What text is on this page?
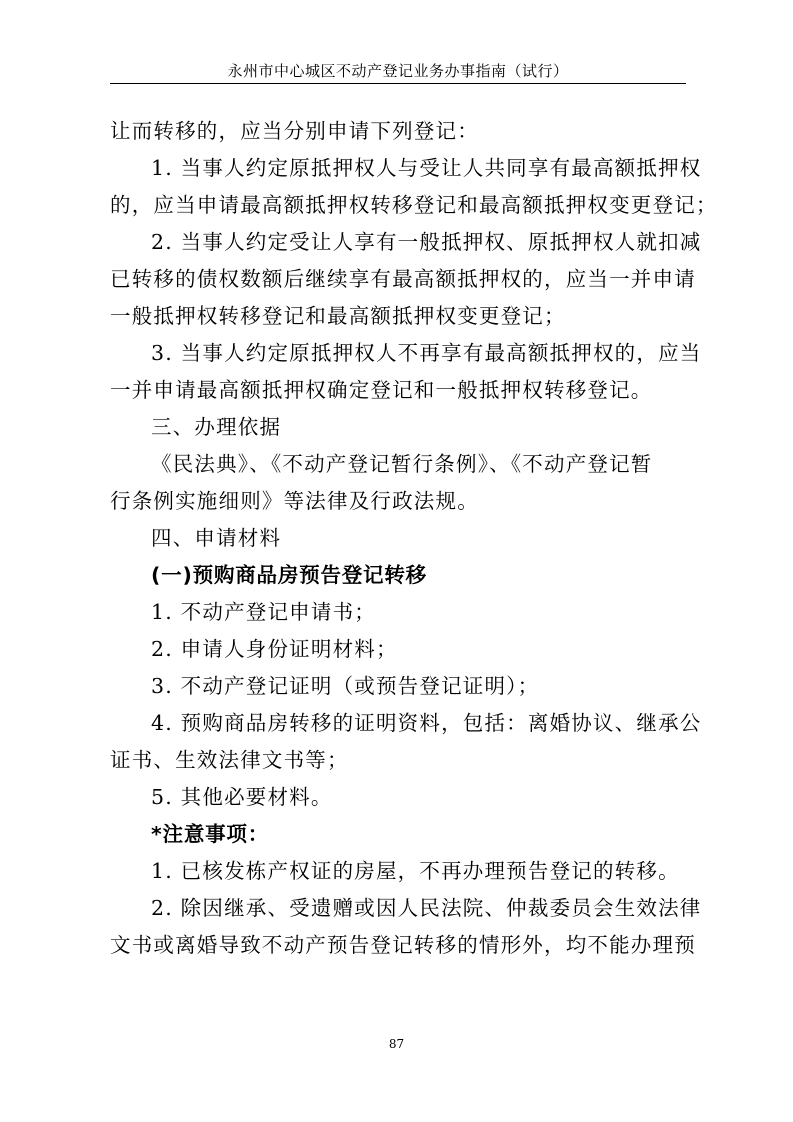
永州市中心城区不动产登记业务办事指南（试行）
让而转移的，应当分别申请下列登记：
1. 当事人约定原抵押权人与受让人共同享有最高额抵押权
的，应当申请最高额抵押权转移登记和最高额抵押权变更登记；
2. 当事人约定受让人享有一般抵押权、原抵押权人就扣减
已转移的债权数额后继续享有最高额抵押权的，应当一并申请
一般抵押权转移登记和最高额抵押权变更登记；
3. 当事人约定原抵押权人不再享有最高额抵押权的，应当
一并申请最高额抵押权确定登记和一般抵押权转移登记。
三、办理依据
《民法典》、《不动产登记暂行条例》、《不动产登记暂
行条例实施细则》等法律及行政法规。
四、申请材料
(一)预购商品房预告登记转移
1. 不动产登记申请书；
2. 申请人身份证明材料；
3. 不动产登记证明（或预告登记证明）；
4. 预购商品房转移的证明资料，包括：离婚协议、继承公
证书、生效法律文书等；
5. 其他必要材料。
*注意事项：
1. 已核发栋产权证的房屋，不再办理预告登记的转移。
2. 除因继承、受遗赠或因人民法院、仲裁委员会生效法律
文书或离婚导致不动产预告登记转移的情形外，均不能办理预
87
